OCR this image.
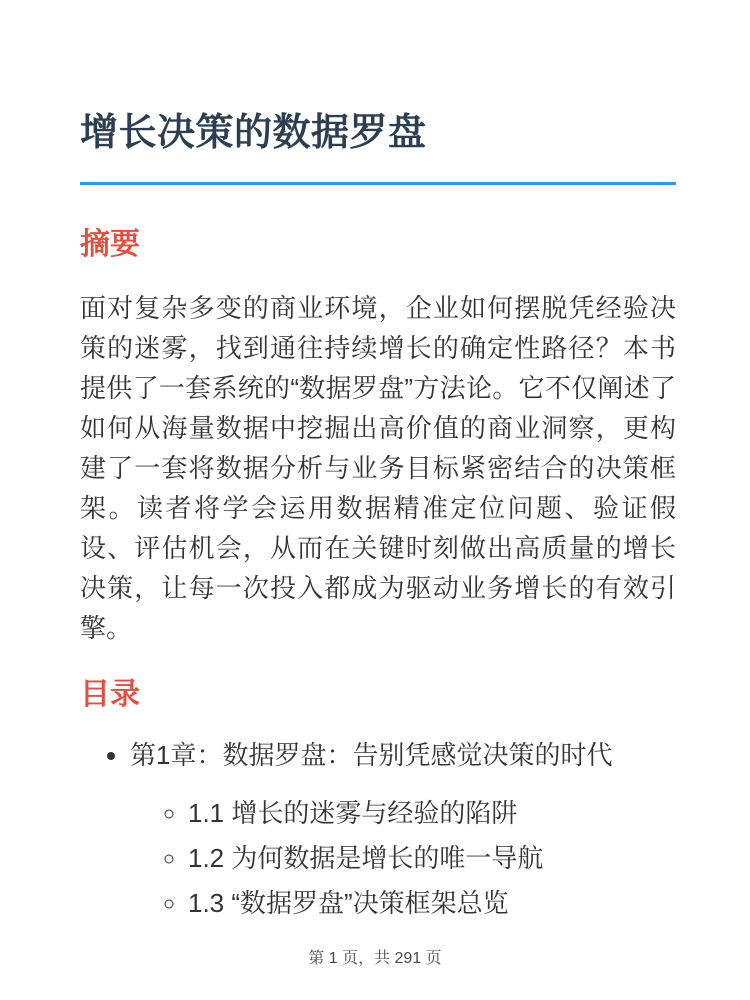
增长决策的数据罗盘
摘要

面对复杂多变的商业环境，企业如何摆脱凭经验决策的迷雾，找到通往持续增长的确定性路径？本书提供了一套系统的“数据罗盘”方法论。它不仅阐述了如何从海量数据中挖掘出高价值的商业洞察，更构建了一套将数据分析与业务目标紧密结合的决策框架。读者将学会运用数据精准定位问题、验证假设、评估机会，从而在关键时刻做出高质量的增长决策，让每一次投入都成为驱动业务增长的有效引擎。

目录
• 第1章：数据罗盘：告别凭感觉决策的时代
◦ 1.1 增长的迷雾与经验的陷阱
◦ 1.2 为何数据是增长的唯一导航
◦ 1.3 “数据罗盘”决策框架总览
第 1 页，共 291 页
